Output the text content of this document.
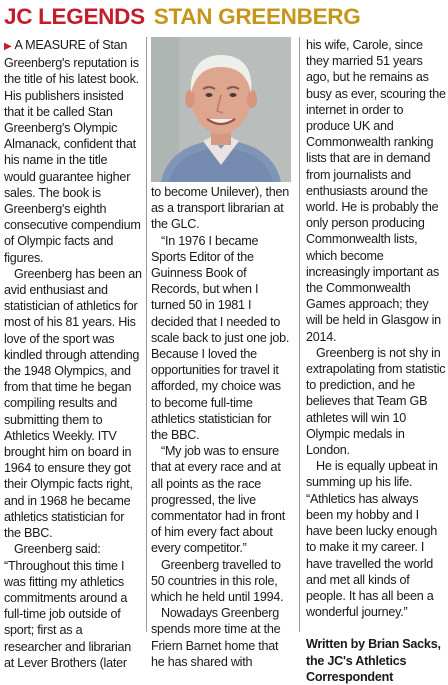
JC LEGENDS STAN GREENBERG

▶ A MEASURE of Stan Greenberg's reputation is the title of his latest book. His publishers insisted that it be called Stan Greenberg's Olympic Almanack, confident that his name in the title would guarantee higher sales. The book is Greenberg's eighth consecutive compendium of Olympic facts and figures.

Greenberg has been an avid enthusiast and statistician of athletics for most of his 81 years. His love of the sport was kindled through attending the 1948 Olympics, and from that time he began compiling results and submitting them to Athletics Weekly. ITV brought him on board in 1964 to ensure they got their Olympic facts right, and in 1968 he became athletics statistician for the BBC.

Greenberg said: “Throughout this time I was fitting my athletics commitments around a full-time job outside of sport; first as a researcher and librarian at Lever Brothers (later

to become Unilever), then as a transport librarian at the GLC.

“In 1976 I became Sports Editor of the Guinness Book of Records, but when I turned 50 in 1981 I decided that I needed to scale back to just one job. Because I loved the opportunities for travel it afforded, my choice was to become full-time athletics statistician for the BBC.

“My job was to ensure that at every race and at all points as the race progressed, the live commentator had in front of him every fact about every competitor.”

Greenberg travelled to 50 countries in this role, which he held until 1994.

Nowadays Greenberg spends more time at the Friern Barnet home that he has shared with

his wife, Carole, since they married 51 years ago, but he remains as busy as ever, scouring the internet in order to produce UK and Commonwealth ranking lists that are in demand from journalists and enthusiasts around the world. He is probably the only person producing Commonwealth lists, which become increasingly important as the Commonwealth Games approach; they will be held in Glasgow in 2014.

Greenberg is not shy in extrapolating from statistic to prediction, and he believes that Team GB athletes will win 10 Olympic medals in London.

He is equally upbeat in summing up his life. “Athletics has always been my hobby and I have been lucky enough to make it my career. I have travelled the world and met all kinds of people. It has all been a wonderful journey.”

Written by Brian Sacks, the JC's Athletics Correspondent
